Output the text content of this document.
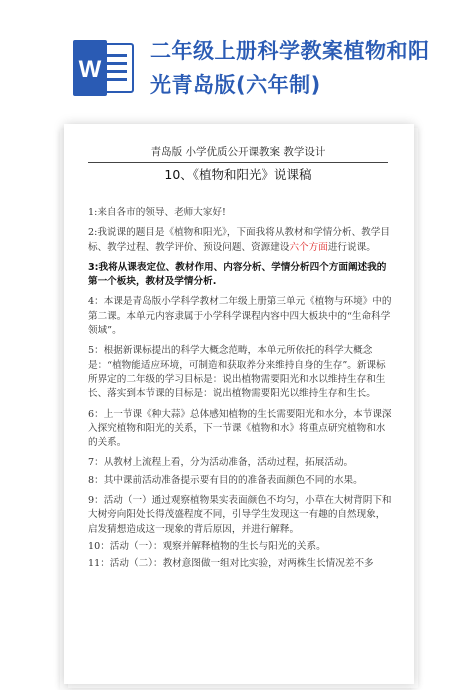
W
二年级上册科学教案植物和阳光青岛版(六年制)
青岛版 小学优质公开课教案 教学设计
10、《植物和阳光》说课稿

1:来自各市的领导、老师大家好!

2:我说课的题目是《植物和阳光》，下面我将从教材和学情分析、教学目标、教学过程、教学评价、预设问题、资源建设六个方面进行说课。

3:我将从课表定位、教材作用、内容分析、学情分析四个方面阐述我的第一个板块，教材及学情分析.

4：本课是青岛版小学科学教材二年级上册第三单元《植物与环境》中的第二课。本单元内容隶属于小学科学课程内容中四大板块中的“生命科学领域”。

5：根据新课标提出的科学大概念范畴，本单元所依托的科学大概念是：“植物能适应环境，可制造和获取养分来维持自身的生存”。新课标所界定的二年级的学习目标是：说出植物需要阳光和水以维持生存和生长、落实到本节课的目标是：说出植物需要阳光以维持生存和生长。

6：上一节课《种大蒜》总体感知植物的生长需要阳光和水分，本节课深入探究植物和阳光的关系，下一节课《植物和水》将重点研究植物和水的关系。

7：从教材上流程上看，分为活动准备，活动过程，拓展活动。

8：其中课前活动准备提示要有目的的准备表面颜色不同的水果。

9：活动（一）通过观察植物果实表面颜色不均匀，小草在大树背阴下和大树旁向阳处长得茂盛程度不同，引导学生发现这一有趣的自然现象，启发猜想造成这一现象的背后原因，并进行解释。

10：活动（一）：观察并解释植物的生长与阳光的关系。

11：活动（二）：教材意图做一组对比实验，对两株生长情况差不多
